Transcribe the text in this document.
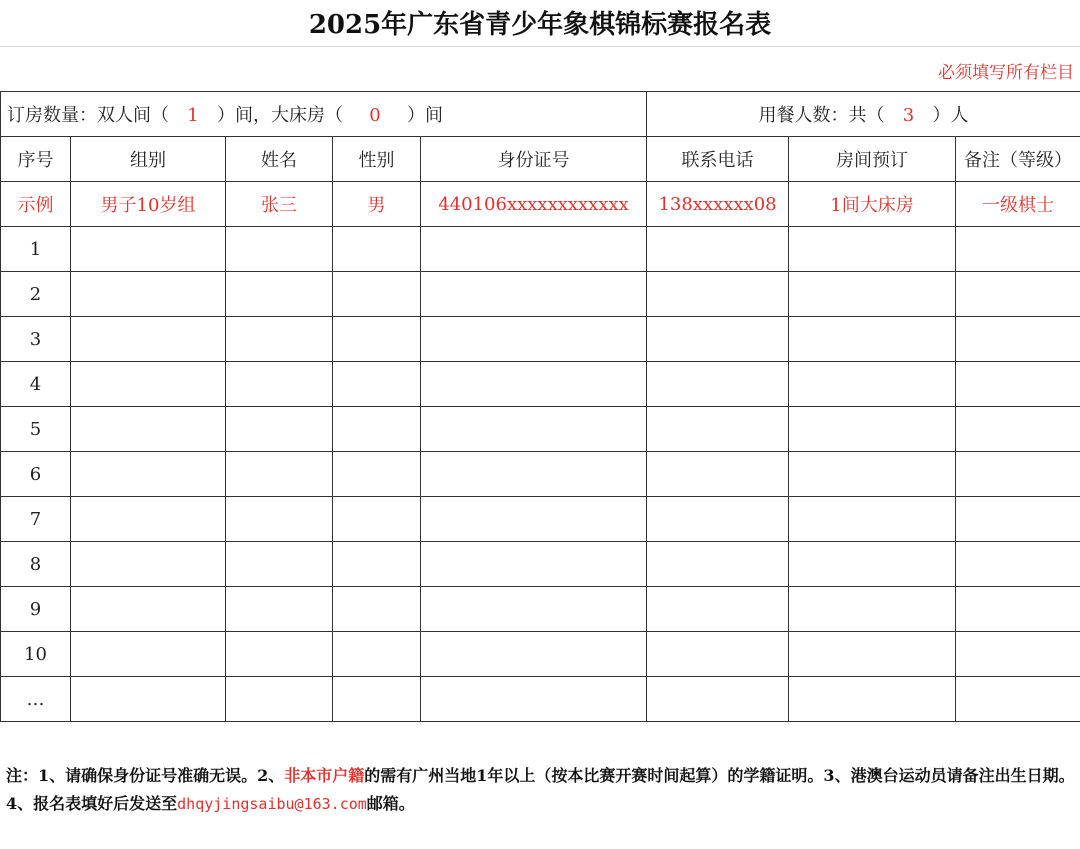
2025年广东省青少年象棋锦标赛报名表
必须填写所有栏目
订房数量：双人间（ 1 ）间，大床房（ 0 ）间					用餐人数：共（ 3 ）人		
序号	组别	姓名	性别	身份证号	联系电话	房间预订	备注（等级）
示例	男子10岁组	张三	男	440106xxxxxxxxxxxx	138xxxxxx08	1间大床房	一级棋士
1							
2							
3							
4							
5							
6							
7							
8							
9							
10							
…							
注：1、请确保身份证号准确无误。2、非本市户籍的需有广州当地1年以上（按本比赛开赛时间起算）的学籍证明。3、港澳台运动员请备注出生日期。4、报名表填好后发送至dhqyjingsaibu@163.com邮箱。
